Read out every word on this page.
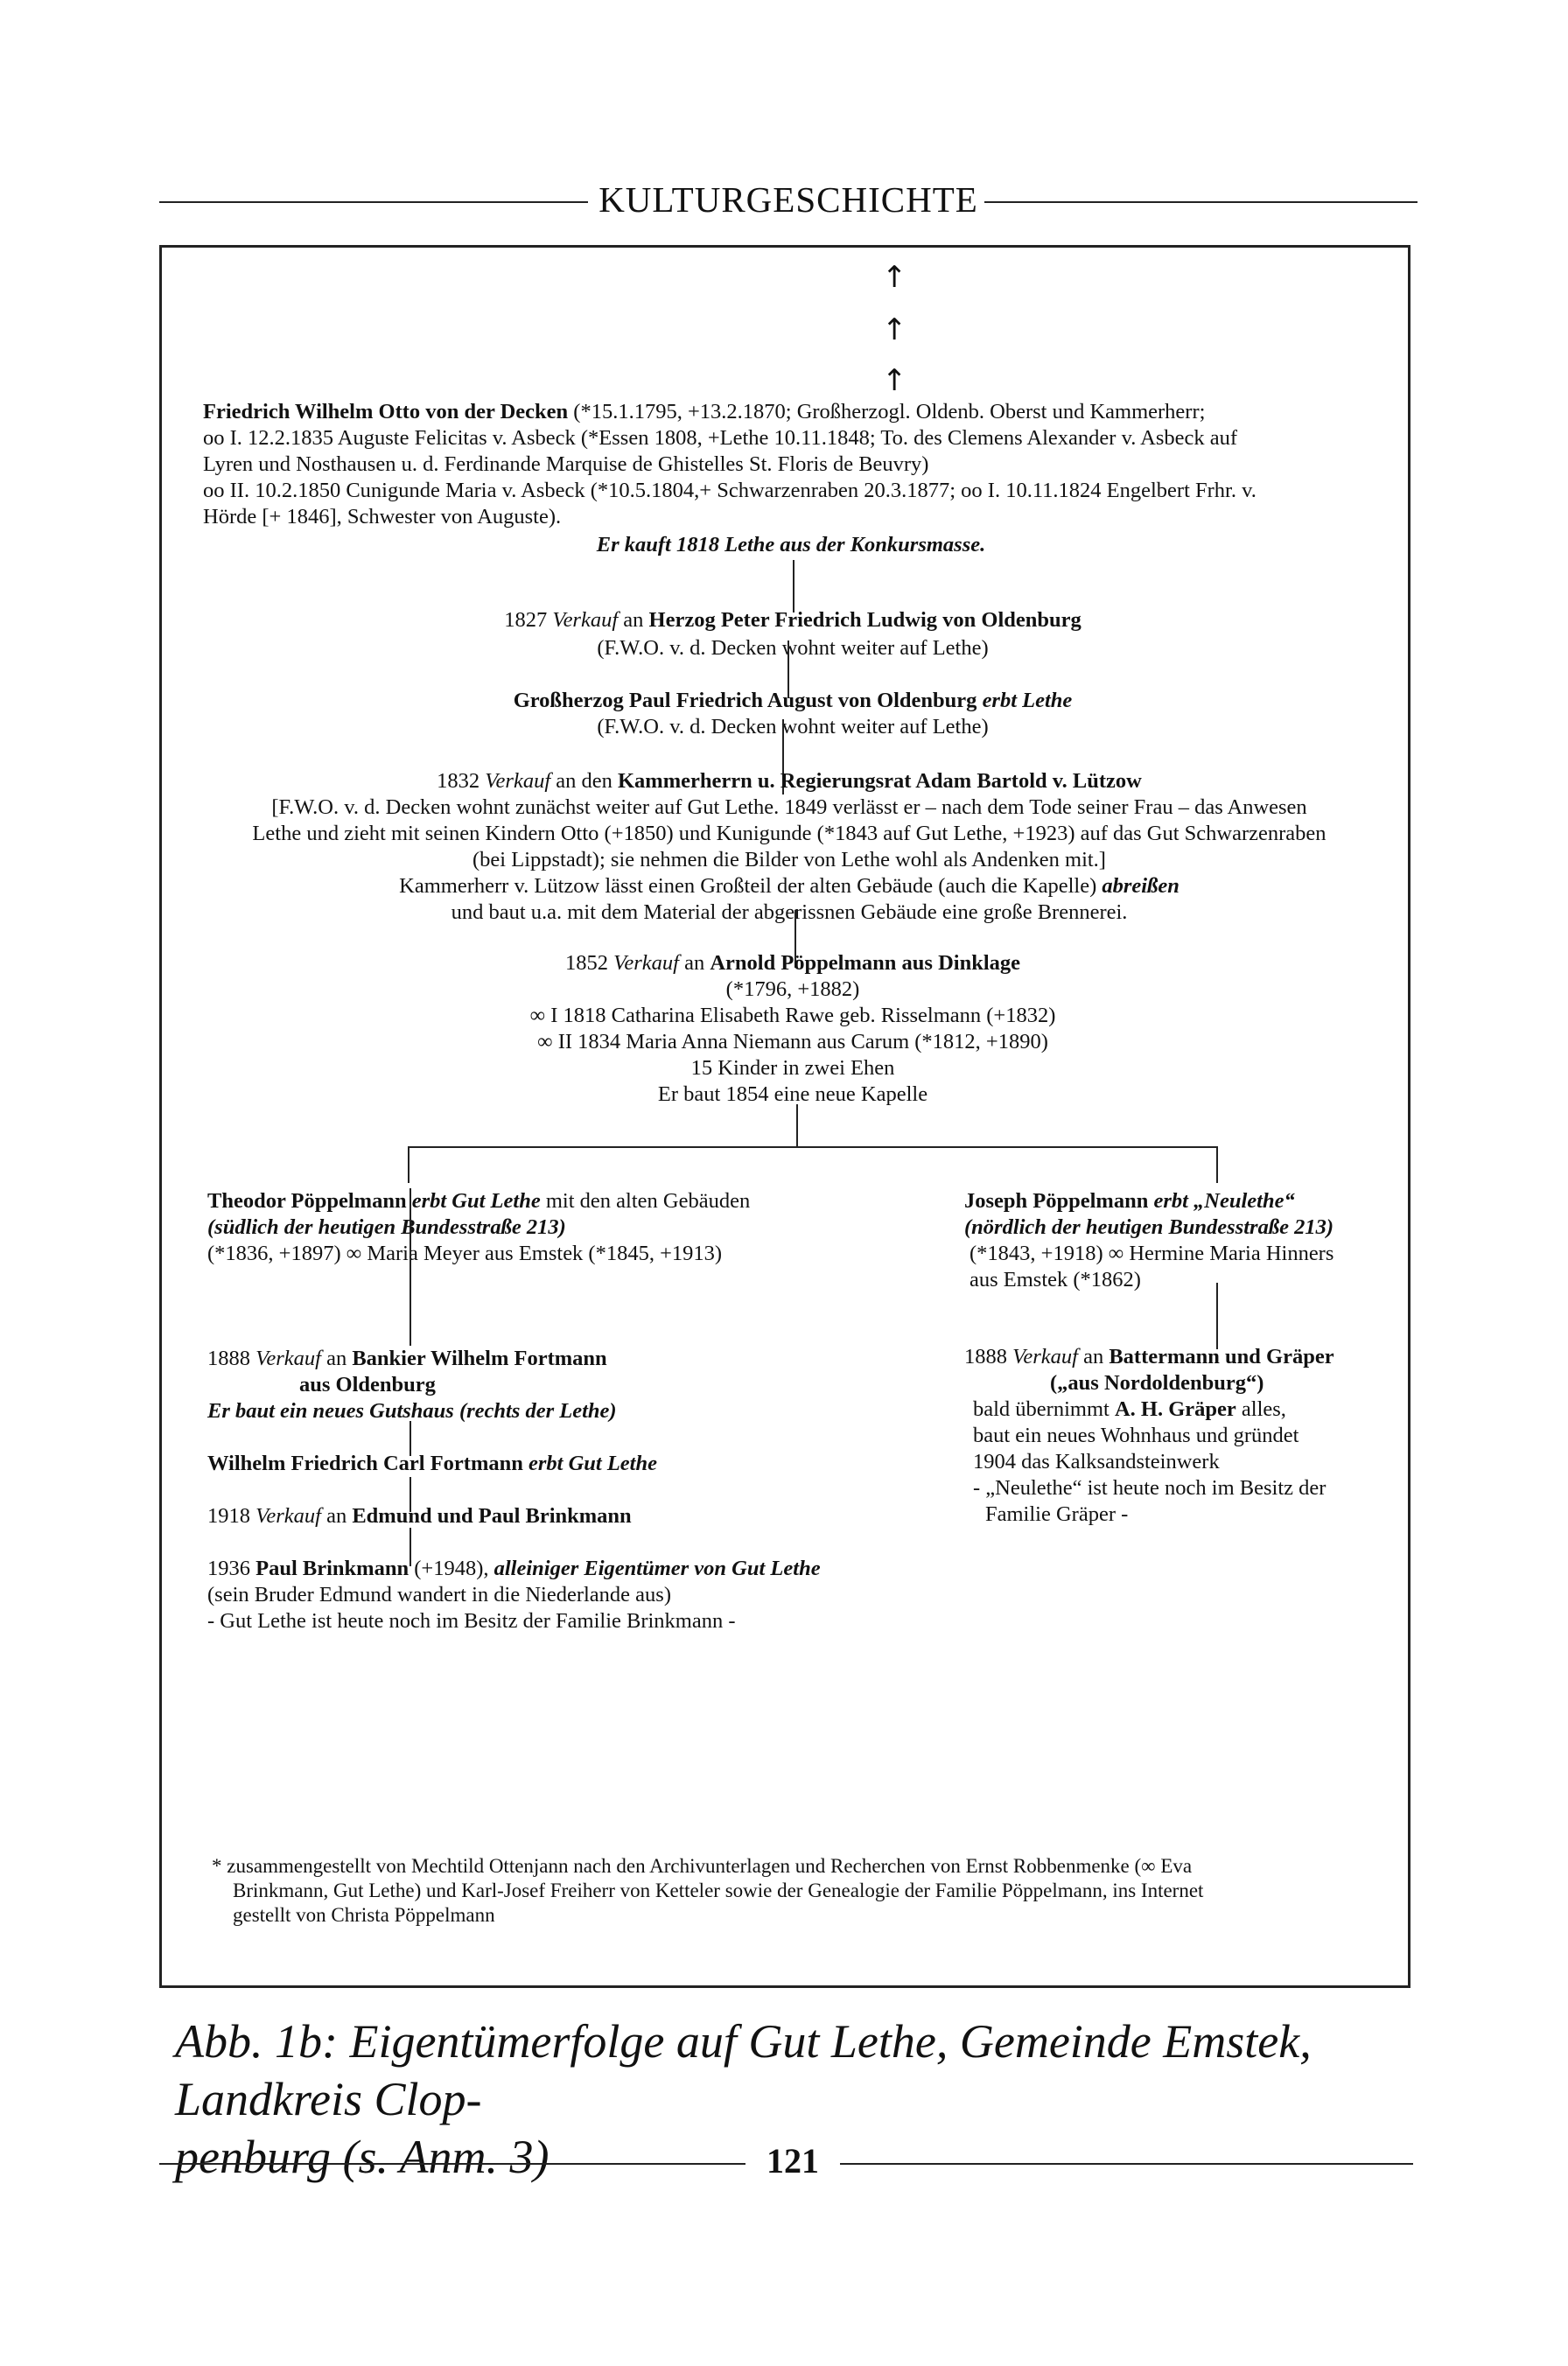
KULTURGESCHICHTE
↑
↑
↑
Friedrich Wilhelm Otto von der Decken (*15.1.1795, +13.2.1870; Großherzogl. Oldenb. Oberst und Kammerherr;
oo I. 12.2.1835 Auguste Felicitas v. Asbeck (*Essen 1808, +Lethe 10.11.1848; To. des Clemens Alexander v. Asbeck auf
Lyren und Nosthausen u. d. Ferdinande Marquise de Ghistelles St. Floris de Beuvry)
oo II. 10.2.1850 Cunigunde Maria v. Asbeck (*10.5.1804,+ Schwarzenraben 20.3.1877; oo I. 10.11.1824 Engelbert Frhr. v.
Hörde [+ 1846], Schwester von Auguste).
Er kauft 1818 Lethe aus der Konkursmasse.
1827 Verkauf an Herzog Peter Friedrich Ludwig von Oldenburg
(F.W.O. v. d. Decken wohnt weiter auf Lethe)
Großherzog Paul Friedrich August von Oldenburg erbt Lethe
(F.W.O. v. d. Decken wohnt weiter auf Lethe)
1832 Verkauf an den Kammerherrn u. Regierungsrat Adam Bartold v. Lützow
[F.W.O. v. d. Decken wohnt zunächst weiter auf Gut Lethe. 1849 verlässt er – nach dem Tode seiner Frau – das Anwesen
Lethe und zieht mit seinen Kindern Otto (+1850) und Kunigunde (*1843 auf Gut Lethe, +1923) auf das Gut Schwarzenraben
(bei Lippstadt); sie nehmen die Bilder von Lethe wohl als Andenken mit.]
Kammerherr v. Lützow lässt einen Großteil der alten Gebäude (auch die Kapelle) abreißen
und baut u.a. mit dem Material der abgerissnen Gebäude eine große Brennerei.
1852 Verkauf an Arnold Pöppelmann aus Dinklage
(*1796, +1882)
∞ I 1818 Catharina Elisabeth Rawe geb. Risselmann (+1832)
∞ II 1834 Maria Anna Niemann aus Carum (*1812, +1890)
15 Kinder in zwei Ehen
Er baut 1854 eine neue Kapelle
Theodor Pöppelmann erbt Gut Lethe mit den alten Gebäuden
(südlich der heutigen Bundesstraße 213)
(*1836, +1897) ∞ Maria Meyer aus Emstek (*1845, +1913)
1888 Verkauf an Bankier Wilhelm Fortmann
aus Oldenburg
Er baut ein neues Gutshaus (rechts der Lethe)
Wilhelm Friedrich Carl Fortmann erbt Gut Lethe
1918 Verkauf an Edmund und Paul Brinkmann
1936 Paul Brinkmann (+1948), alleiniger Eigentümer von Gut Lethe
(sein Bruder Edmund wandert in die Niederlande aus)
- Gut Lethe ist heute noch im Besitz der Familie Brinkmann -
Joseph Pöppelmann erbt „Neulethe“
(nördlich der heutigen Bundesstraße 213)
(*1843, +1918) ∞ Hermine Maria Hinners
aus Emstek (*1862)
1888 Verkauf an Battermann und Gräper
(„aus Nordoldenburg“)
bald übernimmt A. H. Gräper alles,
baut ein neues Wohnhaus und gründet
1904 das Kalksandsteinwerk
- „Neulethe“ ist heute noch im Besitz der
Familie Gräper -
* zusammengestellt von Mechtild Ottenjann nach den Archivunterlagen und Recherchen von Ernst Robbenmenke (∞ Eva
Brinkmann, Gut Lethe) und Karl-Josef Freiherr von Ketteler sowie der Genealogie der Familie Pöppelmann, ins Internet
gestellt von Christa Pöppelmann
Abb. 1b: Eigentümerfolge auf Gut Lethe, Gemeinde Emstek, Landkreis Clop-
penburg (s. Anm. 3)	121
